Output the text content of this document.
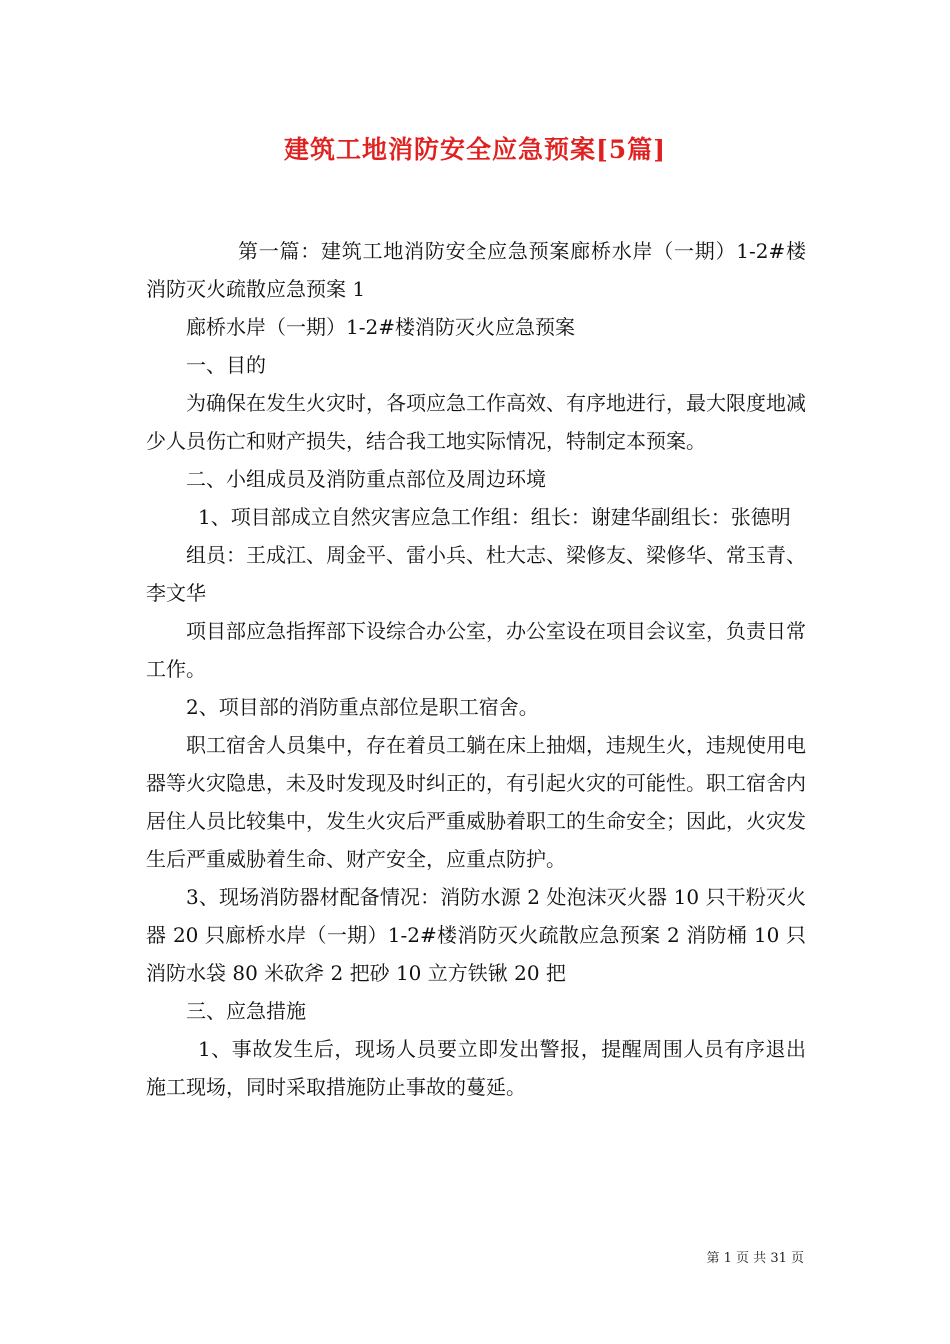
建筑工地消防安全应急预案[5篇]

第一篇：建筑工地消防安全应急预案廊桥水岸（一期）1-2#楼消防灭火疏散应急预案 1

廊桥水岸（一期）1-2#楼消防灭火应急预案

一、目的

为确保在发生火灾时，各项应急工作高效、有序地进行，最大限度地减少人员伤亡和财产损失，结合我工地实际情况，特制定本预案。

二、小组成员及消防重点部位及周边环境

1、项目部成立自然灾害应急工作组：组长：谢建华副组长：张德明

组员：王成江、周金平、雷小兵、杜大志、梁修友、梁修华、常玉青、李文华

项目部应急指挥部下设综合办公室，办公室设在项目会议室，负责日常工作。

2、项目部的消防重点部位是职工宿舍。

职工宿舍人员集中，存在着员工躺在床上抽烟，违规生火，违规使用电器等火灾隐患，未及时发现及时纠正的，有引起火灾的可能性。职工宿舍内居住人员比较集中，发生火灾后严重威胁着职工的生命安全；因此，火灾发生后严重威胁着生命、财产安全，应重点防护。

3、现场消防器材配备情况：消防水源 2 处泡沫灭火器 10 只干粉灭火器 20 只廊桥水岸（一期）1-2#楼消防灭火疏散应急预案 2 消防桶 10 只消防水袋 80 米砍斧 2 把砂 10 立方铁锹 20 把

三、应急措施

1、事故发生后，现场人员要立即发出警报，提醒周围人员有序退出施工现场，同时采取措施防止事故的蔓延。

第 1 页 共 31 页
